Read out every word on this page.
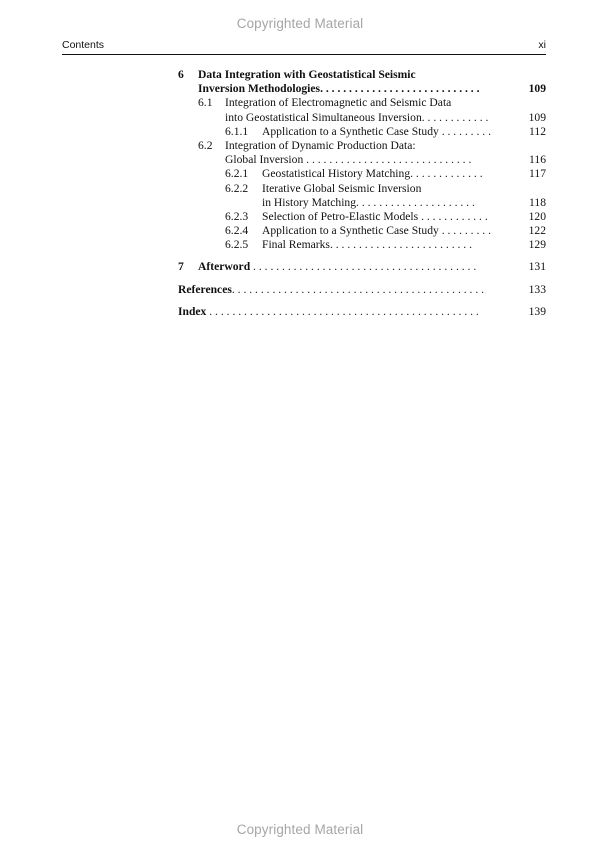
Copyrighted Material
Contents	xi
6 Data Integration with Geostatistical Seismic
Inversion Methodologies. . . . . . . . . . . . . . . . . . . . . . . . . . . .	109
6.1 Integration of Electromagnetic and Seismic Data
into Geostatistical Simultaneous Inversion. . . . . . . . . . . .	109
6.1.1 Application to a Synthetic Case Study . . . . . . . . .	112
6.2 Integration of Dynamic Production Data:
Global Inversion . . . . . . . . . . . . . . . . . . . . . . . . . . . . .	116
6.2.1 Geostatistical History Matching. . . . . . . . . . . . .	117
6.2.2 Iterative Global Seismic Inversion
in History Matching. . . . . . . . . . . . . . . . . . . . .	118
6.2.3 Selection of Petro-Elastic Models . . . . . . . . . . . .	120
6.2.4 Application to a Synthetic Case Study . . . . . . . . .	122
6.2.5 Final Remarks. . . . . . . . . . . . . . . . . . . . . . . . .	129
7 Afterword . . . . . . . . . . . . . . . . . . . . . . . . . . . . . . . . . . . . . . .	131
References. . . . . . . . . . . . . . . . . . . . . . . . . . . . . . . . . . . . . . . . . . . .	133
Index . . . . . . . . . . . . . . . . . . . . . . . . . . . . . . . . . . . . . . . . . . . . . . .	139
Copyrighted Material
